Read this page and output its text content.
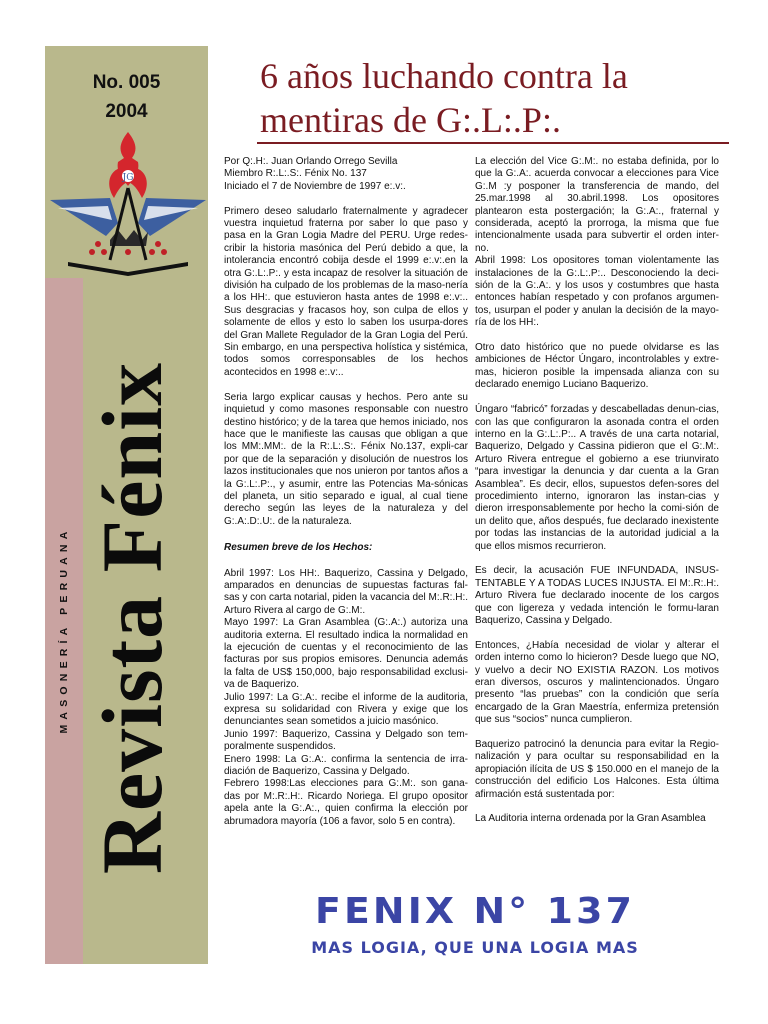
No. 005
2004
JG
MASONERÍA PERUANA Revista Fénix
6 años luchando contra la
mentiras de G:.L:.P:.

Por Q:.H:. Juan Orlando Orrego Sevilla

Miembro R:.L:.S:. Fénix No. 137

Iniciado el 7 de Noviembre de 1997 e:.v:.

Primero deseo saludarlo fraternalmente y agradecer vuestra inquietud fraterna por saber lo que paso y pasa en la Gran Logia Madre del PERU. Urge redes-cribir la historia masónica del Perú debido a que, la intolerancia encontró cobija desde el 1999 e:.v:.en la otra G:.L:.P:. y esta incapaz de resolver la situación de división ha culpado de los problemas de la maso-nería a los HH:. que estuvieron hasta antes de 1998 e:.v:.. Sus desgracias y fracasos hoy, son culpa de ellos y solamente de ellos y esto lo saben los usurpa-dores del Gran Mallete Regulador de la Gran Logia del Perú. Sin embargo, en una perspectiva holística y sistémica, todos somos corresponsables de los hechos acontecidos en 1998 e:.v:..

Seria largo explicar causas y hechos. Pero ante su inquietud y como masones responsable con nuestro destino histórico; y de la tarea que hemos iniciado, nos hace que le manifieste las causas que obligan a que los MM:.MM:. de la R:.L:.S:. Fénix No.137, expli-car por que de la separación y disolución de nuestros los lazos institucionales que nos unieron por tantos años a la G:.L:.P:., y asumir, entre las Potencias Ma-sónicas del planeta, un sitio separado e igual, al cual tiene derecho según las leyes de la naturaleza y del G:.A:.D:.U:. de la naturaleza.

Resumen breve de los Hechos:

Abril 1997: Los HH:. Baquerizo, Cassina y Delgado, amparados en denuncias de supuestas facturas fal-sas y con carta notarial, piden la vacancia del M:.R:.H:. Arturo Rivera al cargo de G:.M:.

Mayo 1997: La Gran Asamblea (G:.A:.) autoriza una auditoria externa. El resultado indica la normalidad en la ejecución de cuentas y el reconocimiento de las facturas por sus propios emisores. Denuncia además la falta de US$ 150,000, bajo responsabilidad exclusi-va de Baquerizo.

Julio 1997: La G:.A:. recibe el informe de la auditoria, expresa su solidaridad con Rivera y exige que los denunciantes sean sometidos a juicio masónico.

Junio 1997: Baquerizo, Cassina y Delgado son tem-poralmente suspendidos.

Enero 1998: La G:.A:. confirma la sentencia de irra-diación de Baquerizo, Cassina y Delgado.

Febrero 1998:Las elecciones para G:.M:. son gana-das por M:.R:.H:. Ricardo Noriega. El grupo opositor apela ante la G:.A:., quien confirma la elección por abrumadora mayoría (106 a favor, solo 5 en contra).

La elección del Vice G:.M:. no estaba definida, por lo que la G:.A:. acuerda convocar a elecciones para Vice G:.M :y posponer la transferencia de mando, del 25.mar.1998 al 30.abril.1998. Los opositores plantearon esta postergación; la G:.A:., fraternal y considerada, aceptó la prorroga, la misma que fue intencionalmente usada para subvertir el orden inter-no.

Abril 1998: Los opositores toman violentamente las instalaciones de la G:.L:.P:.. Desconociendo la deci-sión de la G:.A:. y los usos y costumbres que hasta entonces habían respetado y con profanos argumen-tos, usurpan el poder y anulan la decisión de la mayo-ría de los HH:.

Otro dato histórico que no puede olvidarse es las ambiciones de Héctor Úngaro, incontrolables y extre-mas, hicieron posible la impensada alianza con su declarado enemigo Luciano Baquerizo.

Úngaro “fabricó” forzadas y descabelladas denun-cias, con las que configuraron la asonada contra el orden interno en la G:.L:.P:.. A través de una carta notarial, Baquerizo, Delgado y Cassina pidieron que el G:.M:. Arturo Rivera entregue el gobierno a ese triunvirato “para investigar la denuncia y dar cuenta a la Gran Asamblea”. Es decir, ellos, supuestos defen-sores del procedimiento interno, ignoraron las instan-cias y dieron irresponsablemente por hecho la comi-sión de un delito que, años después, fue declarado inexistente por todas las instancias de la autoridad judicial a la que ellos mismos recurrieron.

Es decir, la acusación FUE INFUNDADA, INSUS-TENTABLE Y A TODAS LUCES INJUSTA. El M:.R:.H:. Arturo Rivera fue declarado inocente de los cargos que con ligereza y vedada intención le formu-laran Baquerizo, Cassina y Delgado.

Entonces, ¿Había necesidad de violar y alterar el orden interno como lo hicieron? Desde luego que NO, y vuelvo a decir NO EXISTIA RAZON. Los motivos eran diversos, oscuros y malintencionados. Úngaro presento “las pruebas” con la condición que sería encargado de la Gran Maestría, enfermiza pretensión que sus “socios” nunca cumplieron.

Baquerizo patrocinó la denuncia para evitar la Regio-nalización y para ocultar su responsabilidad en la apropiación ilícita de US $ 150.000 en el manejo de la construcción del edificio Los Halcones. Esta última afirmación está sustentada por:

La Auditoria interna ordenada por la Gran Asamblea

FENIX N° 137
MAS LOGIA, QUE UNA LOGIA MAS
